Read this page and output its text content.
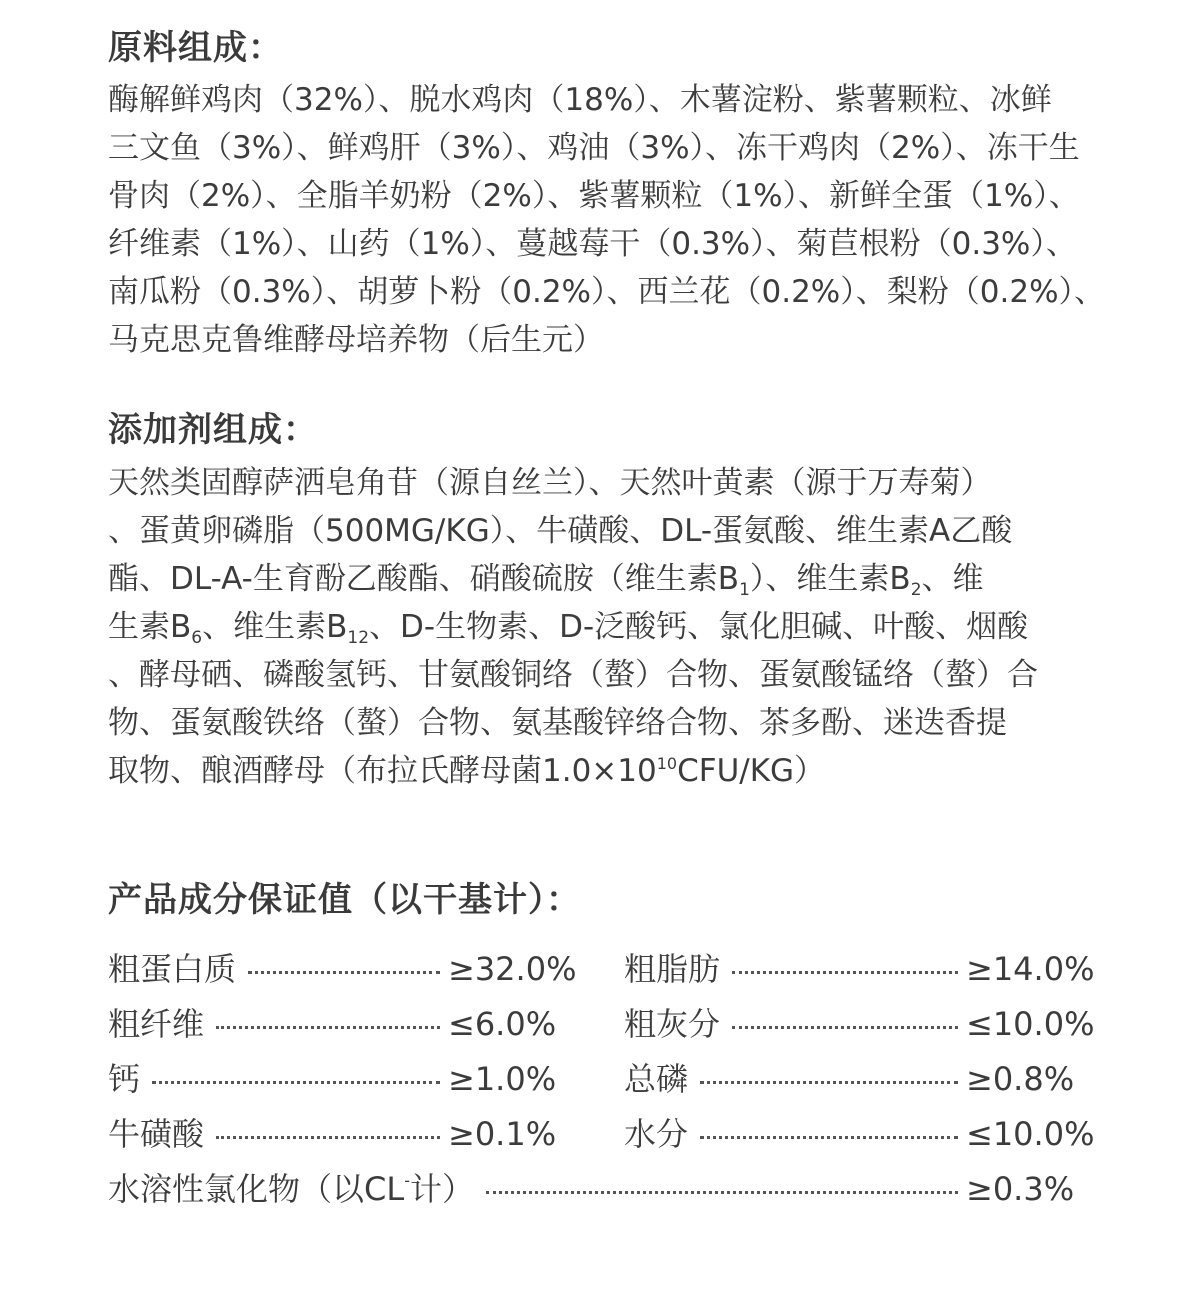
原料组成：
酶解鲜鸡肉（32%）、脱水鸡肉（18%）、木薯淀粉、紫薯颗粒、冰鲜
三文鱼（3%）、鲜鸡肝（3%）、鸡油（3%）、冻干鸡肉（2%）、冻干生
骨肉（2%）、全脂羊奶粉（2%）、紫薯颗粒（1%）、新鲜全蛋（1%）、
纤维素（1%）、山药（1%）、蔓越莓干（0.3%）、菊苣根粉（0.3%）、
南瓜粉（0.3%）、胡萝卜粉（0.2%）、西兰花（0.2%）、梨粉（0.2%）、
马克思克鲁维酵母培养物（后生元）
添加剂组成：
天然类固醇萨洒皂角苷（源自丝兰）、天然叶黄素（源于万寿菊）
、蛋黄卵磷脂（500MG/KG）、牛磺酸、DL-蛋氨酸、维生素A乙酸
酯、DL-A-生育酚乙酸酯、硝酸硫胺（维生素$B_1$）、维生素$B_2$、维
生素$B_6$、维生素$B_{12}$、D-生物素、D-泛酸钙、氯化胆碱、叶酸、烟酸
、酵母硒、磷酸氢钙、甘氨酸铜络（螯）合物、蛋氨酸锰络（螯）合
物、蛋氨酸铁络（螯）合物、氨基酸锌络合物、茶多酚、迷迭香提
取物、酿酒酵母（布拉氏酵母菌$1.0\times 10^{10}CFU/KG$）
产品成分保证值（以干基计）：
粗蛋白质	≥32.0% 粗脂肪	≥14.0%
粗纤维	≤6.0%	粗灰分	≤10.0%
钙	≥1.0%	总磷	≥0.8%
牛磺酸	≥0.1%	水分	≤10.0%
水溶性氯化物（以CL-计）	≥0.3%
